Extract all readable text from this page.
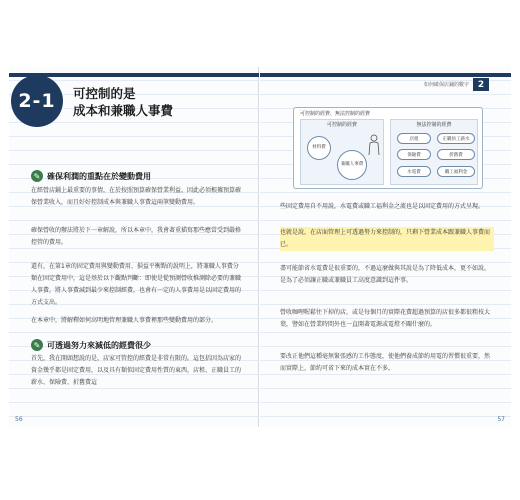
2-1 可控制的是
成本和兼職人事費
✎ 確保利潤的重點在於變動費用
在經營店鋪上最重要的事情，在於按照預算確保營業利益。因此必須根據預算確保營業收入，而且好好控制成本與兼職人事費這兩筆變動費用。
確保營收的辦法將於下一章解說，所以本章中，我會著重描寫那些應當受到嚴格控管的費用。
還有，在第1章的固定費用與變動費用、損益平衡點的說明上，將兼職人事費分類在固定費用中，這是基於以下觀點判斷：即使是從預測營收推測除必要的兼職人事費，將人事費減到最少來控制經費，也會有一定的人事費用是以固定費用的方式支出。
在本章中，將解釋如何高明地管理兼職人事費裡那些變動費用的部分。
✎ 可透過努力來減低的經費很少
首先，我在開頭想說的是，店家可管控的經費是非常有限的。這包括因為店家的資金幾乎都是固定費用，以及具有類似固定費用性質的東西，店租、正職員工的薪水、保險費、折舊費這
56
如何確保店鋪的數字 2
可控制的經費、無法控制的經費
可控制的經費
材料費
兼職人事費
無法控制的經費
店租	正職員工薪水
保險費	折舊費
水電費	職工福利金
些固定費用自不用說，水電費或職工福利金之流也是以固定費用的方式呈現。
也就是說，在店面管理上可透過努力來控制的，只剩下營業成本跟兼職人事費而已。
盡可能節省水電費是很重要的，不過這麼做與其說是為了降低成本，更不如說，是為了必須讓正職或兼職員工高度意識到這件事。
營收咖哩喔鬆往下掉的店，或是每個月的實際花費超過預算的店很多都很粗枝大葉，譬如在營業時間外也一直開著電源或電燈不關什麼的。
要改正他們這種毫無緊張感的工作態度，使他們養成節約用電的習慣很重要，然而實際上，節約可省下來的成本實在不多，
57
